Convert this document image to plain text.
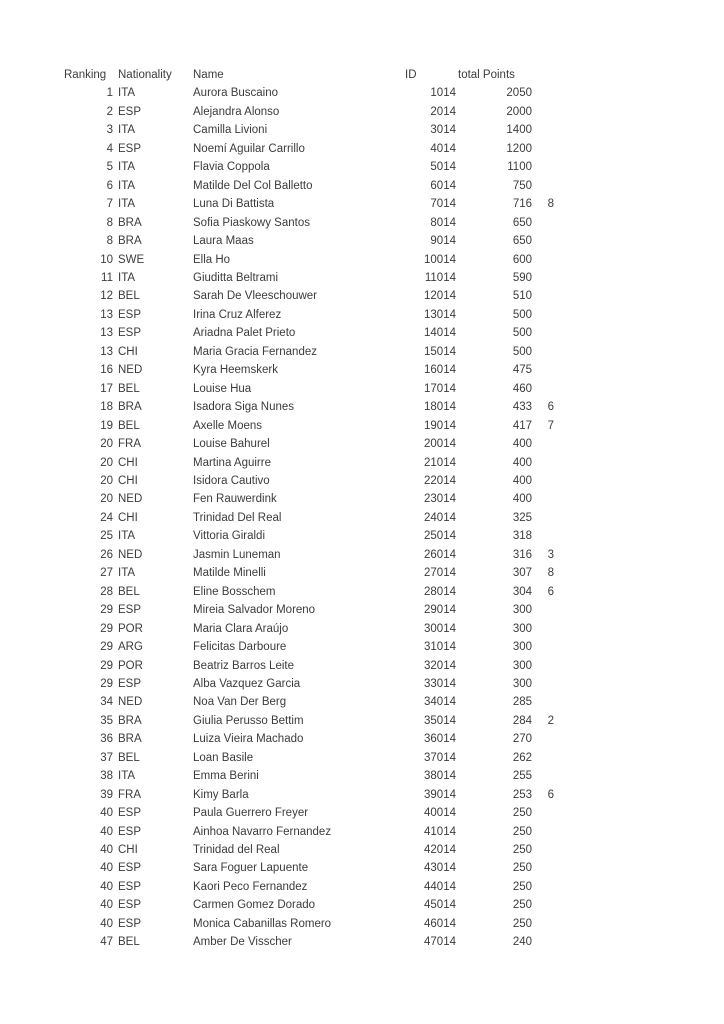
Ranking	Nationality	Name	ID	total Points
1 ITA	Aurora Buscaino	1014	2050
2 ESP	Alejandra Alonso	2014	2000
3 ITA	Camilla Livioni	3014	1400
4 ESP	Noemí Aguilar Carrillo	4014	1200
5 ITA	Flavia Coppola	5014	1100
6 ITA	Matilde Del Col Balletto	6014	750
7 ITA	Luna Di Battista	7014	716	8
8 BRA	Sofia Piaskowy Santos	8014	650
8 BRA	Laura Maas	9014	650
10 SWE	Ella Ho	10014	600
11 ITA	Giuditta Beltrami	11014	590
12 BEL	Sarah De Vleeschouwer	12014	510
13 ESP	Irina Cruz Alferez	13014	500
13 ESP	Ariadna Palet Prieto	14014	500
13 CHI	Maria Gracia Fernandez	15014	500
16 NED	Kyra Heemskerk	16014	475
17 BEL	Louise Hua	17014	460
18 BRA	Isadora Siga Nunes	18014	433	6
19 BEL	Axelle Moens	19014	417	7
20 FRA	Louise Bahurel	20014	400
20 CHI	Martina Aguirre	21014	400
20 CHI	Isidora Cautivo	22014	400
20 NED	Fen Rauwerdink	23014	400
24 CHI	Trinidad Del Real	24014	325
25 ITA	Vittoria Giraldi	25014	318
26 NED	Jasmin Luneman	26014	316	3
27 ITA	Matilde Minelli	27014	307	8
28 BEL	Eline Bosschem	28014	304	6
29 ESP	Mireia Salvador Moreno	29014	300
29 POR	Maria Clara Araújo	30014	300
29 ARG	Felicitas Darboure	31014	300
29 POR	Beatriz Barros Leite	32014	300
29 ESP	Alba Vazquez Garcia	33014	300
34 NED	Noa Van Der Berg	34014	285
35 BRA	Giulia Perusso Bettim	35014	284	2
36 BRA	Luiza Vieira Machado	36014	270
37 BEL	Loan Basile	37014	262
38 ITA	Emma Berini	38014	255
39 FRA	Kimy Barla	39014	253	6
40 ESP	Paula Guerrero Freyer	40014	250
40 ESP	Ainhoa Navarro Fernandez	41014	250
40 CHI	Trinidad del Real	42014	250
40 ESP	Sara Foguer Lapuente	43014	250
40 ESP	Kaori Peco Fernandez	44014	250
40 ESP	Carmen Gomez Dorado	45014	250
40 ESP	Monica Cabanillas Romero	46014	250
47 BEL	Amber De Visscher	47014	240
